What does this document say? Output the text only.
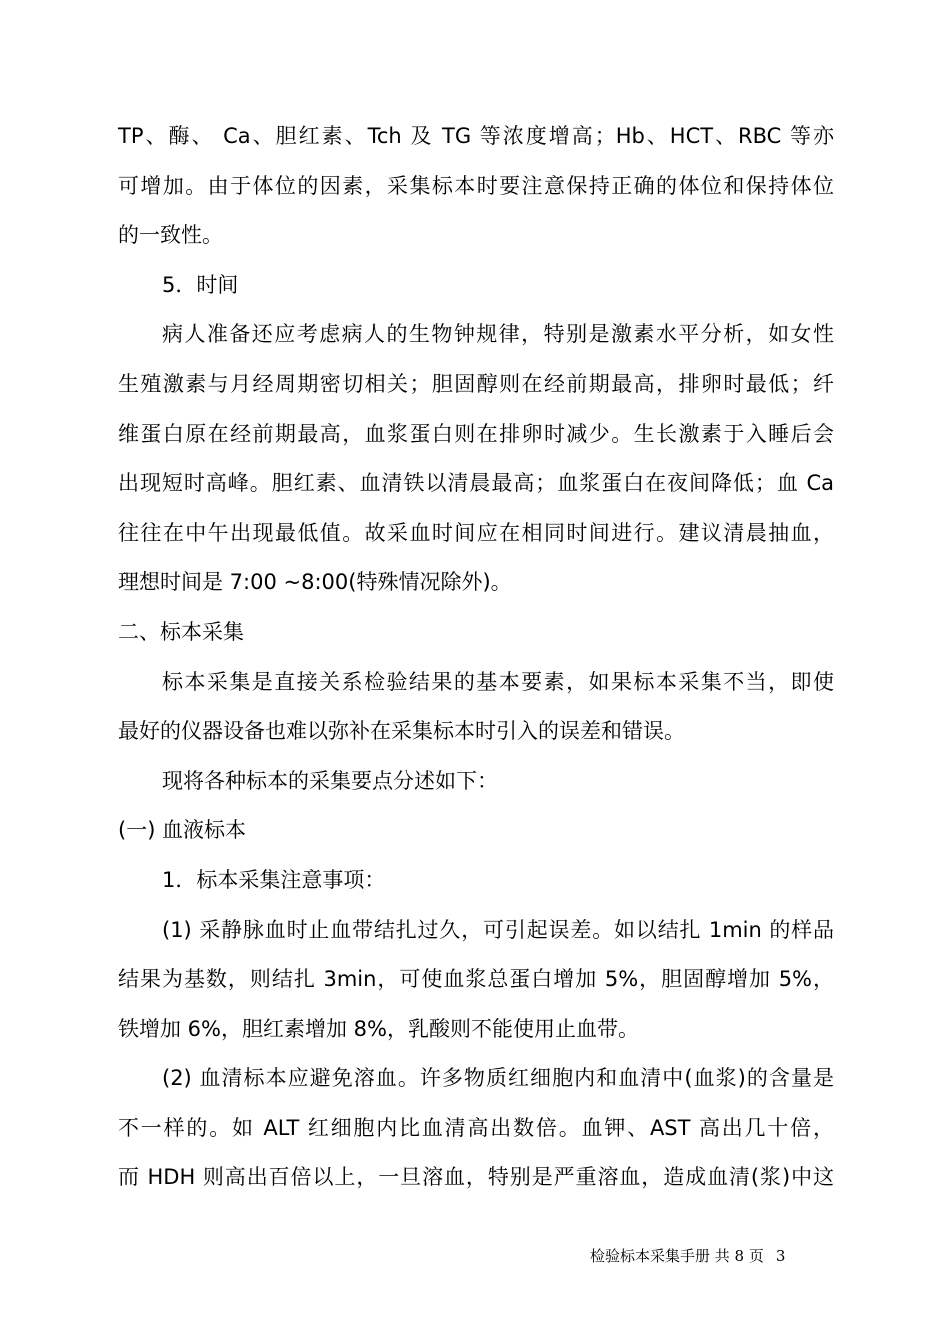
TP、酶、 Ca、胆红素、Tch 及 TG 等浓度增高；Hb、HCT、RBC 等亦
可增加。由于体位的因素，采集标本时要注意保持正确的体位和保持体位
的一致性。
5．时间
病人准备还应考虑病人的生物钟规律，特别是激素水平分析，如女性
生殖激素与月经周期密切相关；胆固醇则在经前期最高，排卵时最低；纤
维蛋白原在经前期最高，血浆蛋白则在排卵时减少。生长激素于入睡后会
出现短时高峰。胆红素、血清铁以清晨最高；血浆蛋白在夜间降低；血 Ca
往往在中午出现最低值。故采血时间应在相同时间进行。建议清晨抽血，
理想时间是 7:00 ~8:00(特殊情况除外)。
二、标本采集
标本采集是直接关系检验结果的基本要素，如果标本采集不当，即使
最好的仪器设备也难以弥补在采集标本时引入的误差和错误。
现将各种标本的采集要点分述如下：
(一) 血液标本
1．标本采集注意事项：
(1) 采静脉血时止血带结扎过久，可引起误差。如以结扎 1min 的样品
结果为基数，则结扎 3min，可使血浆总蛋白增加 5%，胆固醇增加 5%，
铁增加 6%，胆红素增加 8%，乳酸则不能使用止血带。
(2) 血清标本应避免溶血。许多物质红细胞内和血清中(血浆)的含量是
不一样的。如 ALT 红细胞内比血清高出数倍。血钾、AST 高出几十倍，
而 HDH 则高出百倍以上，一旦溶血，特别是严重溶血，造成血清(浆)中这
检验标本采集手册 共 8 页 3
